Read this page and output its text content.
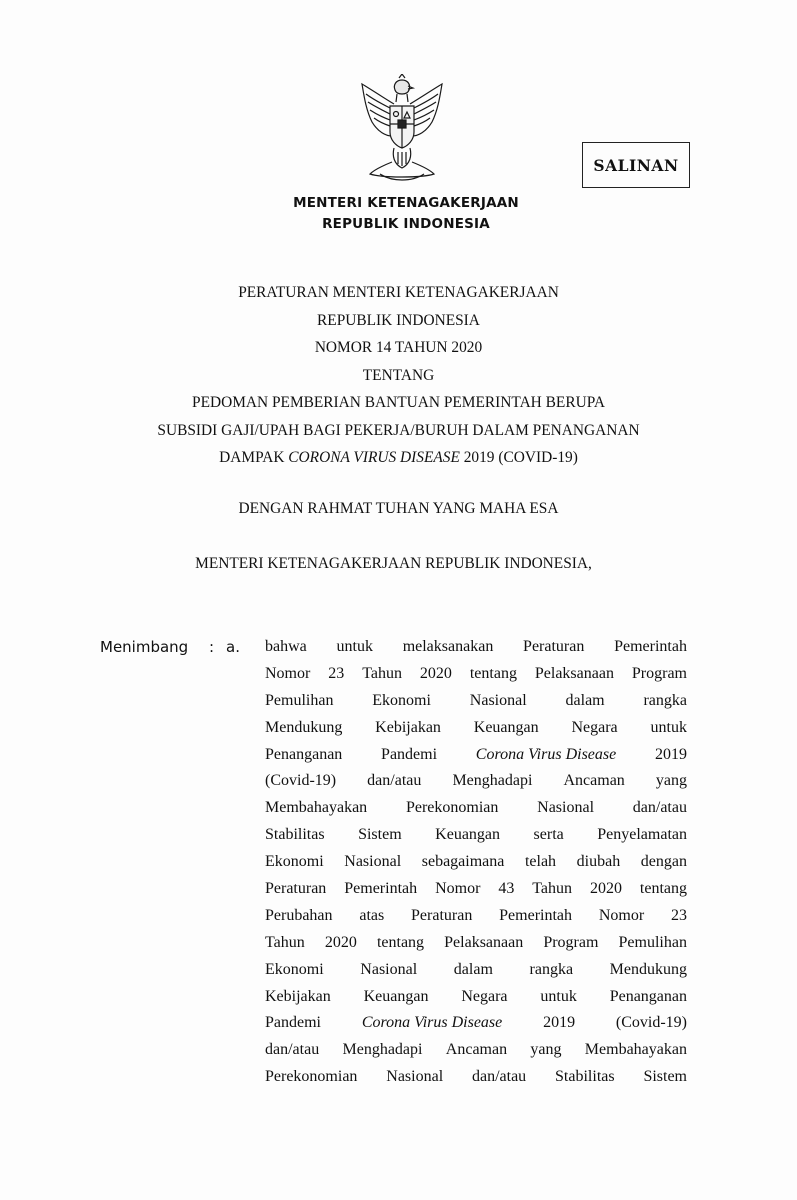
MENTERI KETENAGAKERJAAN
REPUBLIK INDONESIA
SALINAN
PERATURAN MENTERI KETENAGAKERJAAN
REPUBLIK INDONESIA
NOMOR 14 TAHUN 2020
TENTANG
PEDOMAN PEMBERIAN BANTUAN PEMERINTAH BERUPA
SUBSIDI GAJI/UPAH BAGI PEKERJA/BURUH DALAM PENANGANAN
DAMPAK CORONA VIRUS DISEASE 2019 (COVID-19)
DENGAN RAHMAT TUHAN YANG MAHA ESA
MENTERI KETENAGAKERJAAN REPUBLIK INDONESIA,
Menimbang : a. bahwa untuk melaksanakan Peraturan Pemerintah
Nomor 23 Tahun 2020 tentang Pelaksanaan Program
Pemulihan Ekonomi Nasional dalam rangka
Mendukung Kebijakan Keuangan Negara untuk
Penanganan Pandemi Corona Virus Disease 2019
(Covid-19) dan/atau Menghadapi Ancaman yang
Membahayakan Perekonomian Nasional dan/atau
Stabilitas Sistem Keuangan serta Penyelamatan
Ekonomi Nasional sebagaimana telah diubah dengan
Peraturan Pemerintah Nomor 43 Tahun 2020 tentang
Perubahan atas Peraturan Pemerintah Nomor 23
Tahun 2020 tentang Pelaksanaan Program Pemulihan
Ekonomi Nasional dalam rangka Mendukung
Kebijakan Keuangan Negara untuk Penanganan
Pandemi	Corona Virus Disease	2019	(Covid-19)
dan/atau Menghadapi Ancaman yang Membahayakan
Perekonomian Nasional dan/atau Stabilitas Sistem
